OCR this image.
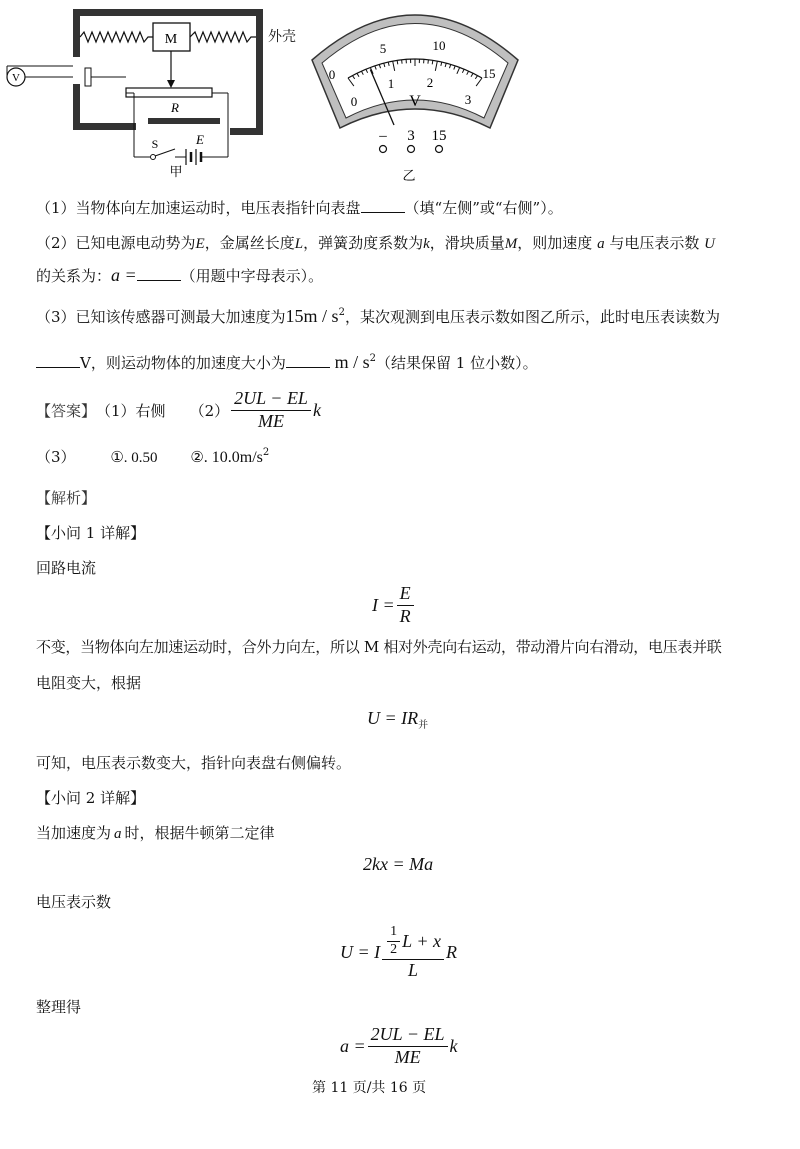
M
R
V
S	E
甲
外壳
0
5	10
15
0
1	2
3
V
– 3 15
乙
（1）当物体向左加速运动时，电压表指针向表盘	（填“左侧”或“右侧”）。
（2）已知电源电动势为E，金属丝长度L，弹簧劲度系数为k，滑块质量M，则加速度 a 与电压表示数 U
的关系为：a =	（用题中字母表示）。
（3）已知该传感器可测最大加速度为$15m / s^2$，某次观测到电压表示数如图乙所示，此时电压表读数为
V，则运动物体的加速度大小为	m / $s^2$（结果保留 1 位小数）。
【答案】 （1）右侧 $(2) \frac{2UL - EL}{ME}$ k
（3） ①. 0.50 ②. $10.0m/s^2$
【解析】
【小问 1 详解】
回路电流
$I = \frac{E}{R}$
不变，当物体向左加速运动时，合外力向左，所以 M 相对外壳向右运动，带动滑片向右滑动，电压表并联
电阻变大，根据
$U = IR_并$
可知，电压表示数变大，指针向表盘右侧偏转。
【小问 2 详解】
当加速度为 a 时，根据牛顿第二定律
2kx = Ma
电压表示数
U = I $\frac{\frac{1}{2} L + x}{L}$ R
整理得
$a = \frac{2UL - EL}{ME}$ k
第 11 页/共 16 页
